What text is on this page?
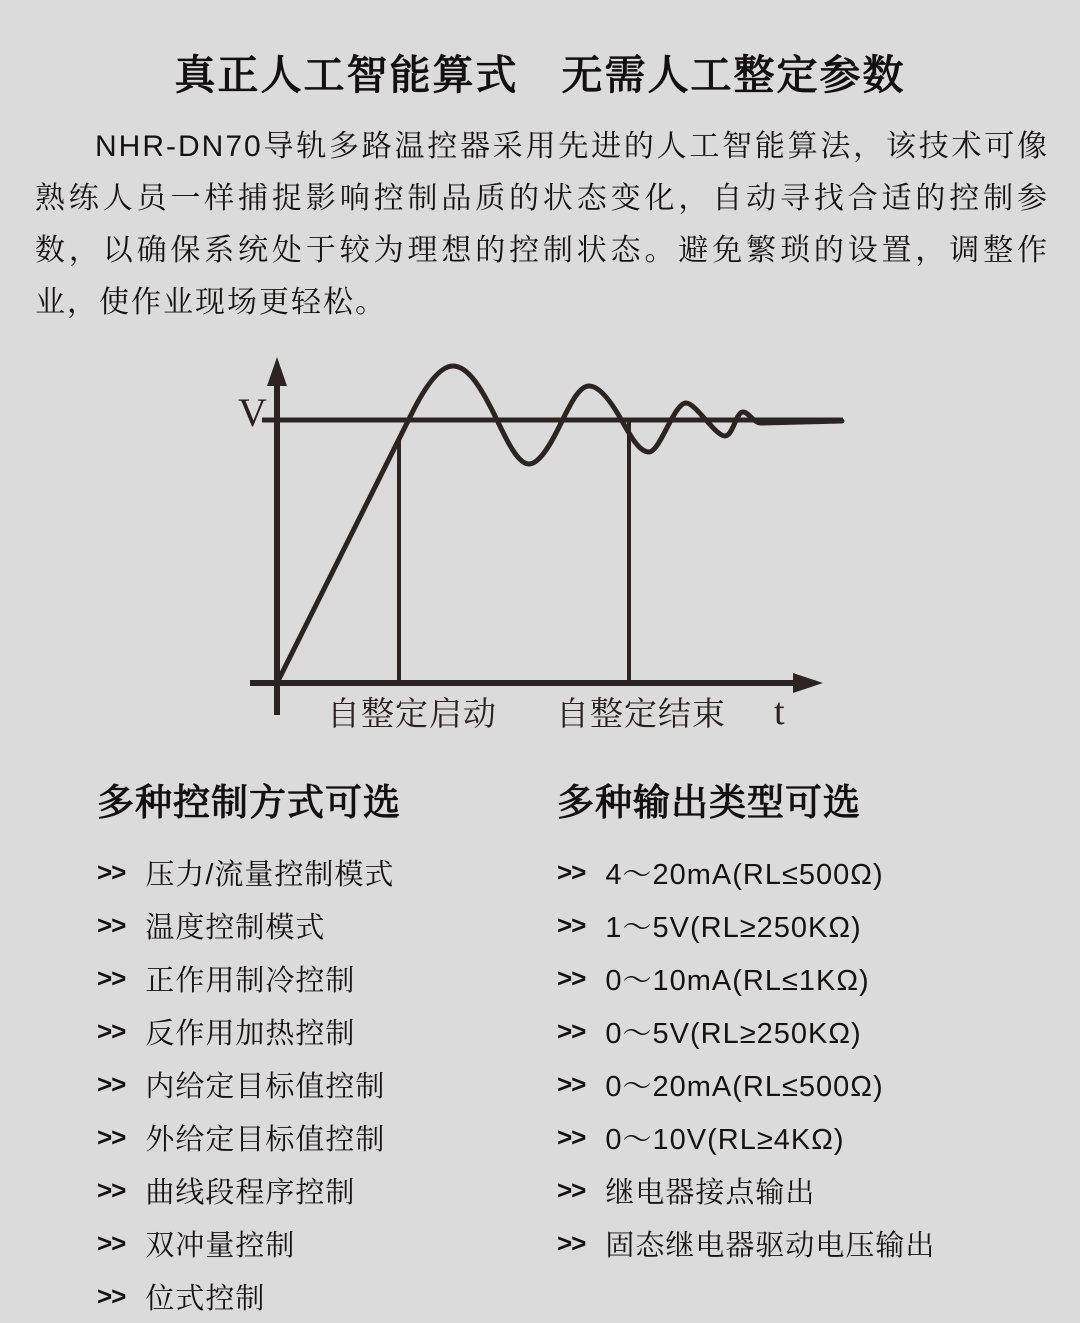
真正人工智能算式　无需人工整定参数

NHR-DN70导轨多路温控器采用先进的人工智能算法，该技术可像熟练人员一样捕捉影响控制品质的状态变化，自动寻找合适的控制参数，以确保系统处于较为理想的控制状态。避免繁琐的设置，调整作业，使作业现场更轻松。

V
t
自整定启动 自整定结束
多种控制方式可选
>> 压力/流量控制模式
>> 温度控制模式
>> 正作用制冷控制
>> 反作用加热控制
>> 内给定目标值控制
>> 外给定目标值控制
>> 曲线段程序控制
>> 双冲量控制
>> 位式控制
多种输出类型可选
>> 4～20mA(RL≤500Ω)
>> 1～5V(RL≥250KΩ)
>> 0～10mA(RL≤1KΩ)
>> 0～5V(RL≥250KΩ)
>> 0～20mA(RL≤500Ω)
>> 0～10V(RL≥4KΩ)
>> 继电器接点输出
>> 固态继电器驱动电压输出
